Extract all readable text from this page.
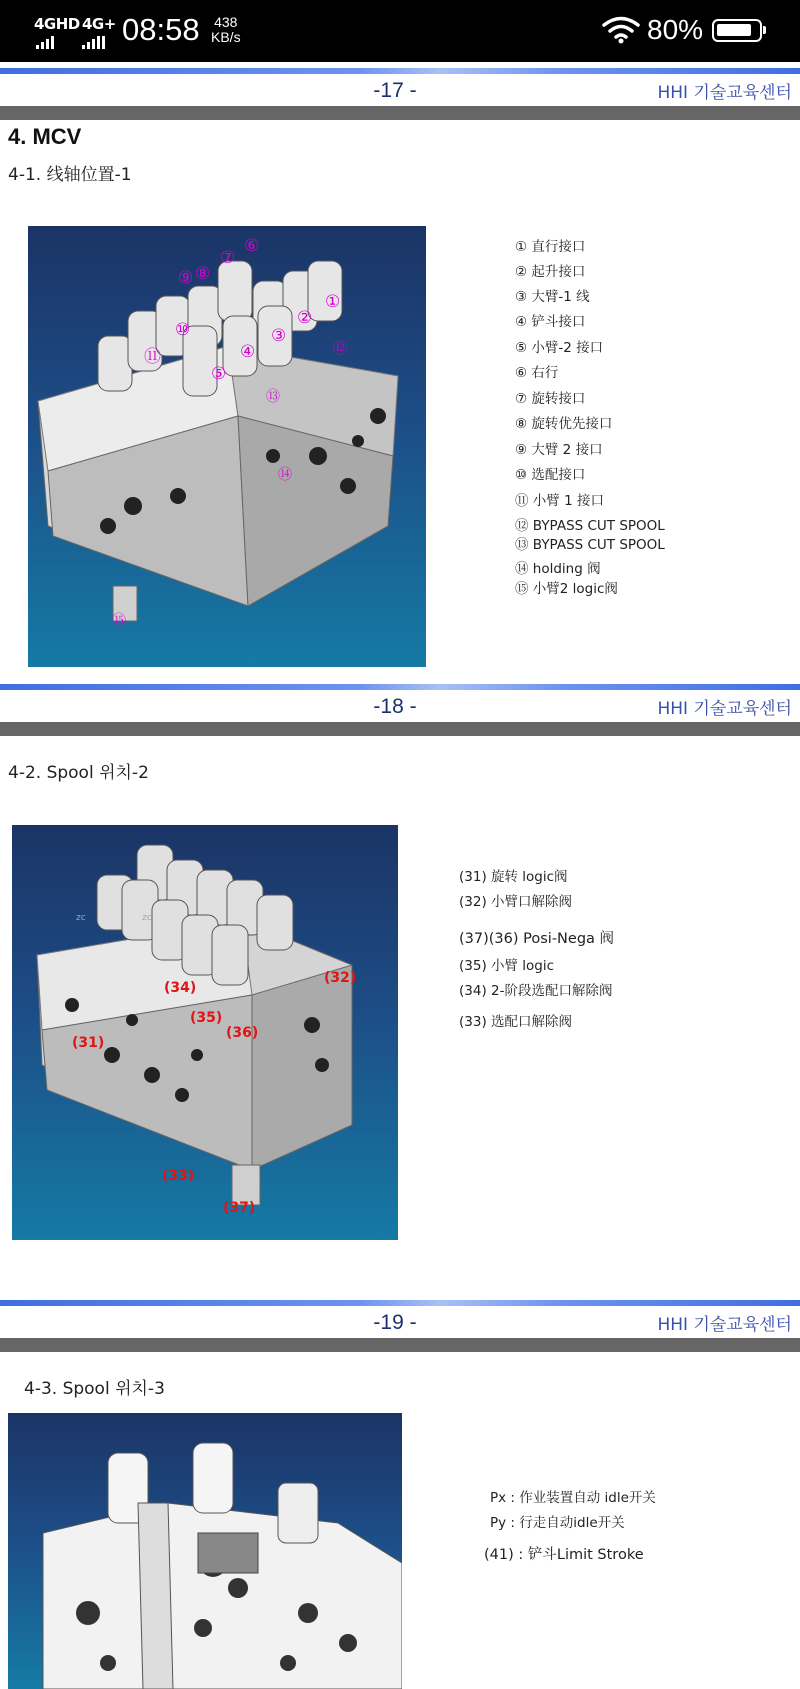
4GHD 4G+ 08:58 438
KB/s	80%
-17 -	HHI 기술교육센터
4. MCV
4-1. 线轴位置-1
⑥
⑦
⑨ ⑧
①
②
⑩
⑪	⑫
③
④
⑤
⑬
⑭
⑮
① 直行接口
② 起升接口
③ 大臂-1 线
④ 铲斗接口
⑤ 小臂-2 接口
⑥ 右行
⑦ 旋转接口
⑧ 旋转优先接口
⑨ 大臂 2 接口
⑩ 选配接口
⑪ 小臂 1 接口
⑫ BYPASS CUT SPOOL
⑬ BYPASS CUT SPOOL
⑭ holding 阀
⑮ 小臂2 logic阀
-18 -	HHI 기술교육센터
4-2. Spool 위치-2
(34)
(35)
(36)
(32)
(31)
(33)
(37)
zc	zc
(31) 旋转 logic阀
(32) 小臂口解除阀
(37)(36) Posi-Nega 阀
(35) 小臂 logic
(34) 2-阶段选配口解除阀
(33) 选配口解除阀
-19 -	HHI 기술교육센터
4-3. Spool 위치-3
Px : 作业装置自动 idle开关
Py : 行走自动idle开关
(41) : 铲斗Limit Stroke
